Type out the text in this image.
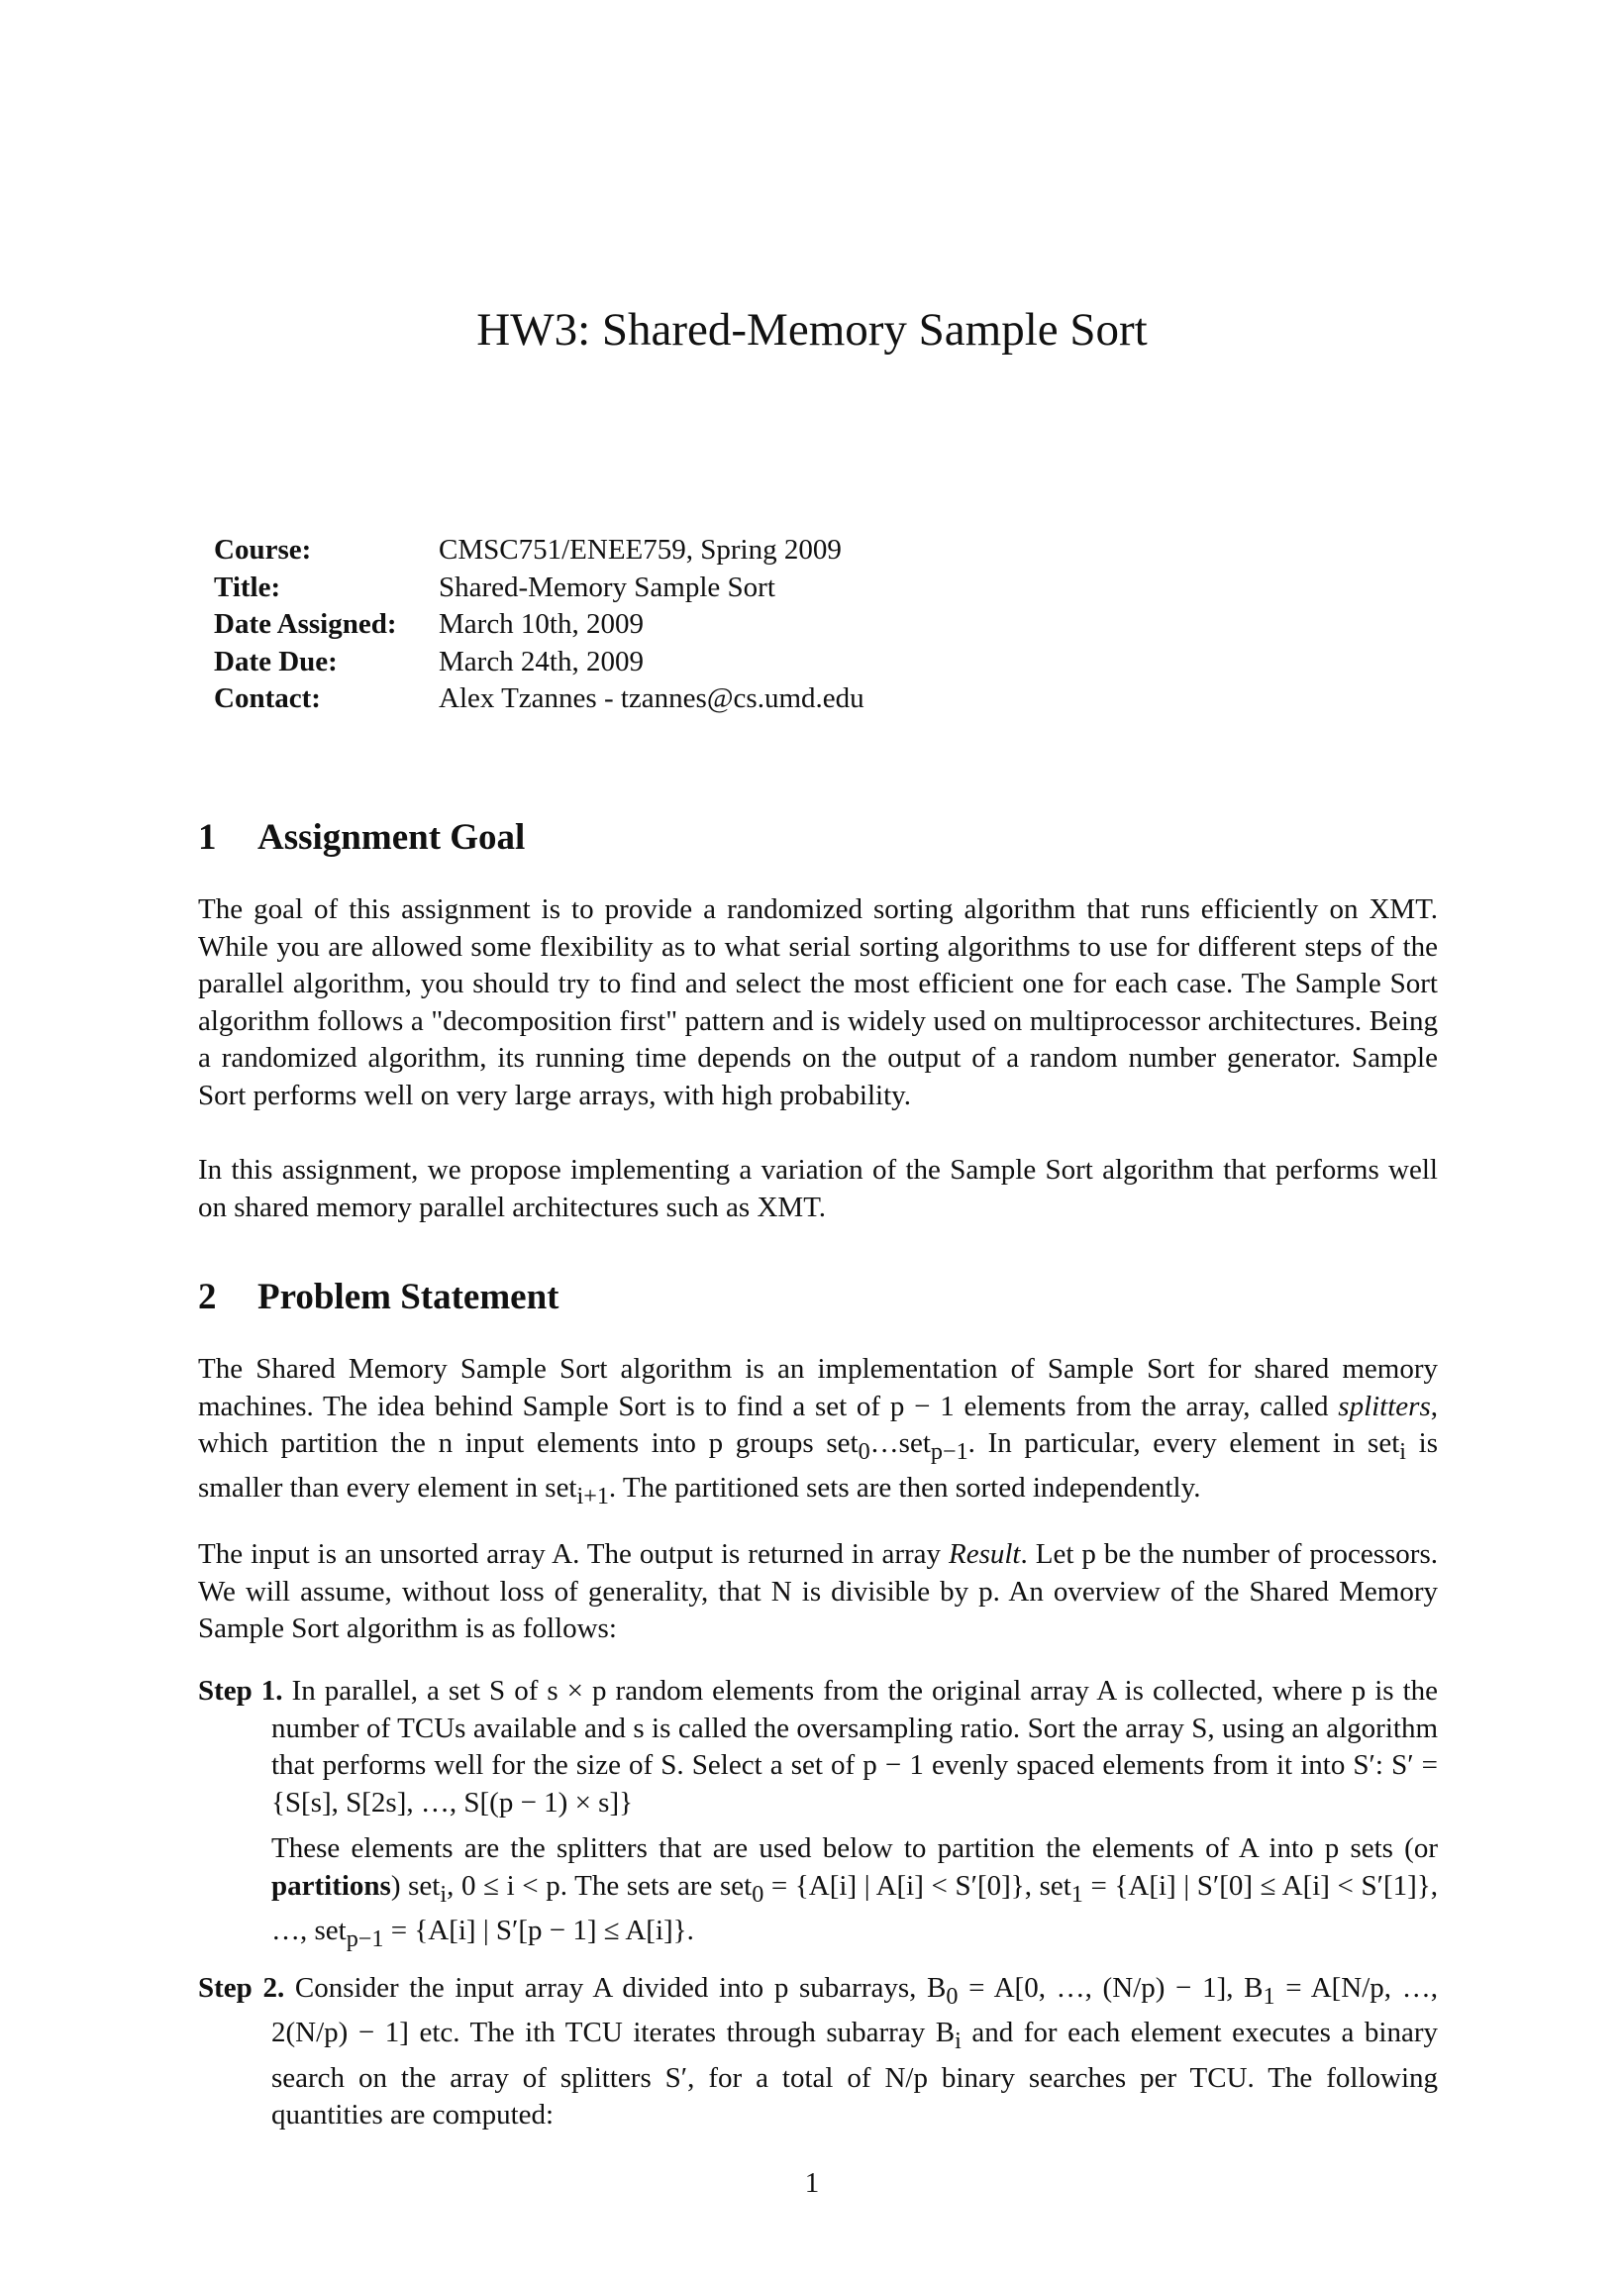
HW3: Shared-Memory Sample Sort
Course:	CMSC751/ENEE759, Spring 2009
Title:	Shared-Memory Sample Sort
Date Assigned:	March 10th, 2009
Date Due:	March 24th, 2009
Contact:	Alex Tzannes - tzannes@cs.umd.edu
1 Assignment Goal
The goal of this assignment is to provide a randomized sorting algorithm that runs efficiently on XMT. While you are allowed some flexibility as to what serial sorting algorithms to use for different steps of the parallel algorithm, you should try to find and select the most efficient one for each case. The Sample Sort algorithm follows a "decomposition first" pattern and is widely used on multiprocessor architectures. Being a randomized algorithm, its running time depends on the output of a random number generator. Sample Sort performs well on very large arrays, with high probability.
In this assignment, we propose implementing a variation of the Sample Sort algorithm that performs well on shared memory parallel architectures such as XMT.
2 Problem Statement
The Shared Memory Sample Sort algorithm is an implementation of Sample Sort for shared memory machines. The idea behind Sample Sort is to find a set of p − 1 elements from the array, called splitters, which partition the n input elements into p groups set$_0$…set$_{p-1}$. In particular, every element in set$_i$ is smaller than every element in set$_{i+1}$. The partitioned sets are then sorted independently.
The input is an unsorted array A. The output is returned in array Result. Let p be the number of processors. We will assume, without loss of generality, that N is divisible by p. An overview of the Shared Memory Sample Sort algorithm is as follows:
Step 1. In parallel, a set S of s × p random elements from the original array A is collected, where p is the number of TCUs available and s is called the oversampling ratio. Sort the array S, using an algorithm that performs well for the size of S. Select a set of p − 1 evenly spaced elements from it into S′: S′ = {S[s], S[2s], …, S[(p − 1) × s]}
These elements are the splitters that are used below to partition the elements of A into p sets (or partitions) set$_i$, 0 ≤ i < p. The sets are set$_0$ = {A[i] | A[i] < S′[0]}, set$_1$ = {A[i] | S′[0] ≤ A[i] < S′[1]}, …, set$_{p-1}$ = {A[i] | S′[p − 1] ≤ A[i]}.
Step 2. Consider the input array A divided into p subarrays, $B_0 = A[0$, …, (N/p) − 1], $B_1 = A[N/p$, …, 2(N/p) − 1] etc. The ith TCU iterates through subarray $B_i$ and for each element executes a binary search on the array of splitters S′, for a total of N/p binary searches per TCU. The following quantities are computed:
1
